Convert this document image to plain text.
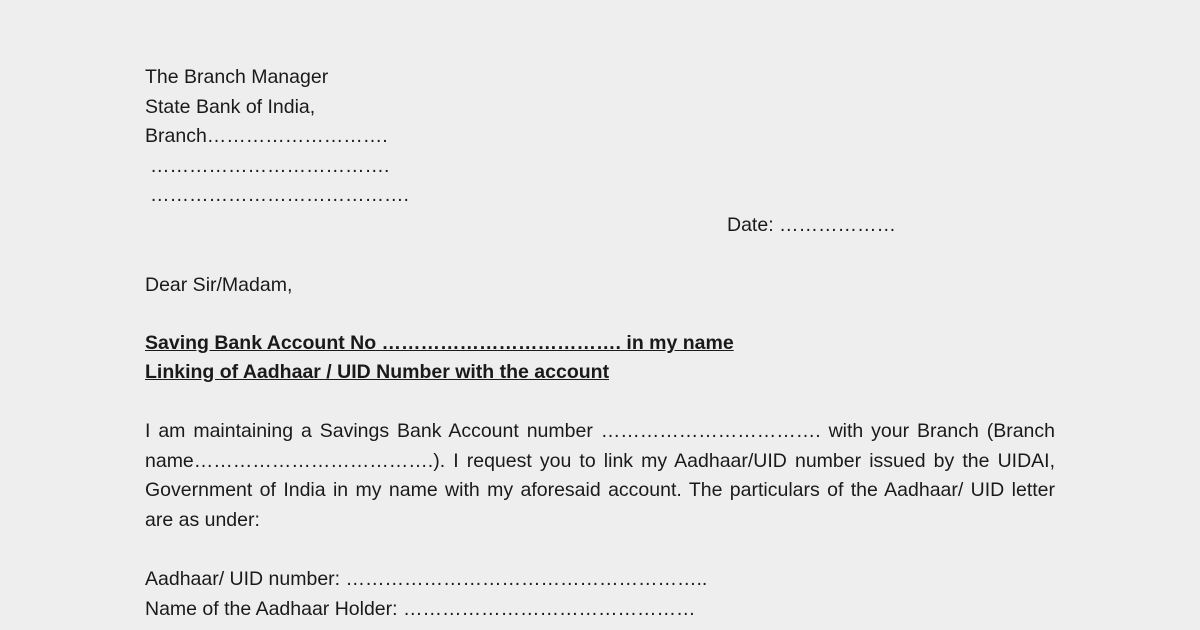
The Branch Manager
State Bank of India,
Branch……………………….
……………………………….
………………………………….
Date: ………………
Dear Sir/Madam,
Saving Bank Account No ………………………………. in my name
Linking of Aadhaar / UID Number with the account
I am maintaining a Savings Bank Account number ……………………………. with your Branch (Branch name……………………………….). I request you to link my Aadhaar/UID number issued by the UIDAI, Government of India in my name with my aforesaid account. The particulars of the Aadhaar/ UID letter are as under:
Aadhaar/ UID number: ………………………………………………..
Name of the Aadhaar Holder: ………………………………………
